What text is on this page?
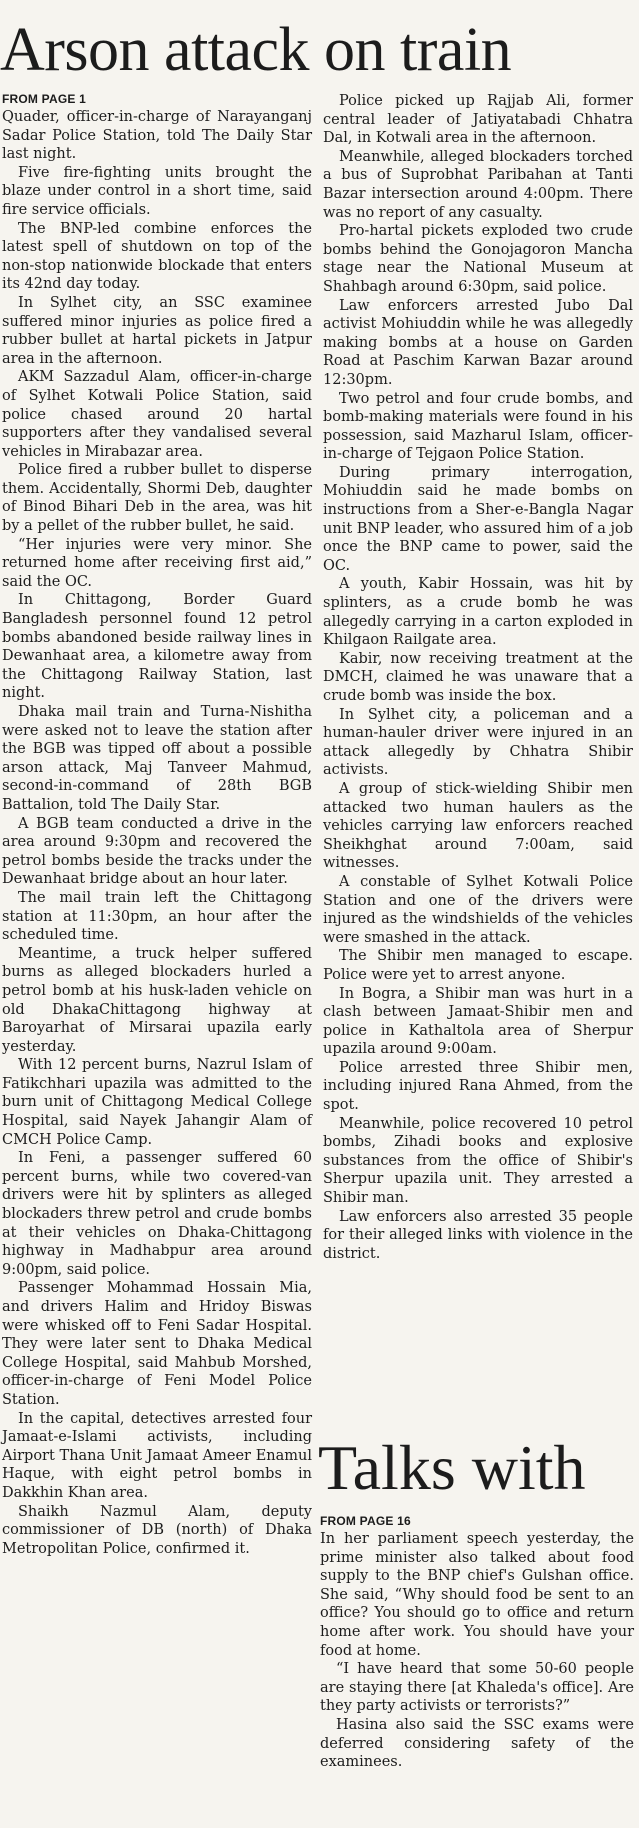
Arson attack on train
FROM PAGE 1

Quader, officer-in-charge of Narayanganj Sadar Police Station, told The Daily Star last night.

Five fire-fighting units brought the blaze under control in a short time, said fire service officials.

The BNP-led combine enforces the latest spell of shutdown on top of the non-stop nationwide blockade that enters its 42nd day today.

In Sylhet city, an SSC examinee suffered minor injuries as police fired a rubber bullet at hartal pickets in Jatpur area in the afternoon.

AKM Sazzadul Alam, officer-in-charge of Sylhet Kotwali Police Station, said police chased around 20 hartal supporters after they vandalised several vehicles in Mirabazar area.

Police fired a rubber bullet to disperse them. Accidentally, Shormi Deb, daughter of Binod Bihari Deb in the area, was hit by a pellet of the rubber bullet, he said.

“Her injuries were very minor. She returned home after receiving first aid,” said the OC.

In Chittagong, Border Guard Bangladesh personnel found 12 petrol bombs abandoned beside railway lines in Dewanhaat area, a kilometre away from the Chittagong Railway Station, last night.

Dhaka mail train and Turna-Nishitha were asked not to leave the station after the BGB was tipped off about a possible arson attack, Maj Tanveer Mahmud, second-in-command of 28th BGB Battalion, told The Daily Star.

A BGB team conducted a drive in the area around 9:30pm and recovered the petrol bombs beside the tracks under the Dewanhaat bridge about an hour later.

The mail train left the Chittagong station at 11:30pm, an hour after the scheduled time.

Meantime, a truck helper suffered burns as alleged blockaders hurled a petrol bomb at his husk-laden vehicle on old DhakaChittagong highway at Baroyarhat of Mirsarai upazila early yesterday.

With 12 percent burns, Nazrul Islam of Fatikchhari upazila was admitted to the burn unit of Chittagong Medical College Hospital, said Nayek Jahangir Alam of CMCH Police Camp.

In Feni, a passenger suffered 60 percent burns, while two covered-van drivers were hit by splinters as alleged blockaders threw petrol and crude bombs at their vehicles on Dhaka-Chittagong highway in Madhabpur area around 9:00pm, said police.

Passenger Mohammad Hossain Mia, and drivers Halim and Hridoy Biswas were whisked off to Feni Sadar Hospital. They were later sent to Dhaka Medical College Hospital, said Mahbub Morshed, officer-in-charge of Feni Model Police Station.

In the capital, detectives arrested four Jamaat-e-Islami activists, including Airport Thana Unit Jamaat Ameer Enamul Haque, with eight petrol bombs in Dakkhin Khan area.

Shaikh Nazmul Alam, deputy commissioner of DB (north) of Dhaka Metropolitan Police, confirmed it.

Police picked up Rajjab Ali, former central leader of Jatiyatabadi Chhatra Dal, in Kotwali area in the afternoon.

Meanwhile, alleged blockaders torched a bus of Suprobhat Paribahan at Tanti Bazar intersection around 4:00pm. There was no report of any casualty.

Pro-hartal pickets exploded two crude bombs behind the Gonojagoron Mancha stage near the National Museum at Shahbagh around 6:30pm, said police.

Law enforcers arrested Jubo Dal activist Mohiuddin while he was allegedly making bombs at a house on Garden Road at Paschim Karwan Bazar around 12:30pm.

Two petrol and four crude bombs, and bomb-making materials were found in his possession, said Mazharul Islam, officer-in-charge of Tejgaon Police Station.

During primary interrogation, Mohiuddin said he made bombs on instructions from a Sher-e-Bangla Nagar unit BNP leader, who assured him of a job once the BNP came to power, said the OC.

A youth, Kabir Hossain, was hit by splinters, as a crude bomb he was allegedly carrying in a carton exploded in Khilgaon Railgate area.

Kabir, now receiving treatment at the DMCH, claimed he was unaware that a crude bomb was inside the box.

In Sylhet city, a policeman and a human-hauler driver were injured in an attack allegedly by Chhatra Shibir activists.

A group of stick-wielding Shibir men attacked two human haulers as the vehicles carrying law enforcers reached Sheikhghat around 7:00am, said witnesses.

A constable of Sylhet Kotwali Police Station and one of the drivers were injured as the windshields of the vehicles were smashed in the attack.

The Shibir men managed to escape. Police were yet to arrest anyone.

In Bogra, a Shibir man was hurt in a clash between Jamaat-Shibir men and police in Kathaltola area of Sherpur upazila around 9:00am.

Police arrested three Shibir men, including injured Rana Ahmed, from the spot.

Meanwhile, police recovered 10 petrol bombs, Zihadi books and explosive substances from the office of Shibir's Sherpur upazila unit. They arrested a Shibir man.

Law enforcers also arrested 35 people for their alleged links with violence in the district.

Talks with
FROM PAGE 16

In her parliament speech yesterday, the prime minister also talked about food supply to the BNP chief's Gulshan office. She said, “Why should food be sent to an office? You should go to office and return home after work. You should have your food at home.

“I have heard that some 50-60 people are staying there [at Khaleda's office]. Are they party activists or terrorists?”

Hasina also said the SSC exams were deferred considering safety of the examinees.
